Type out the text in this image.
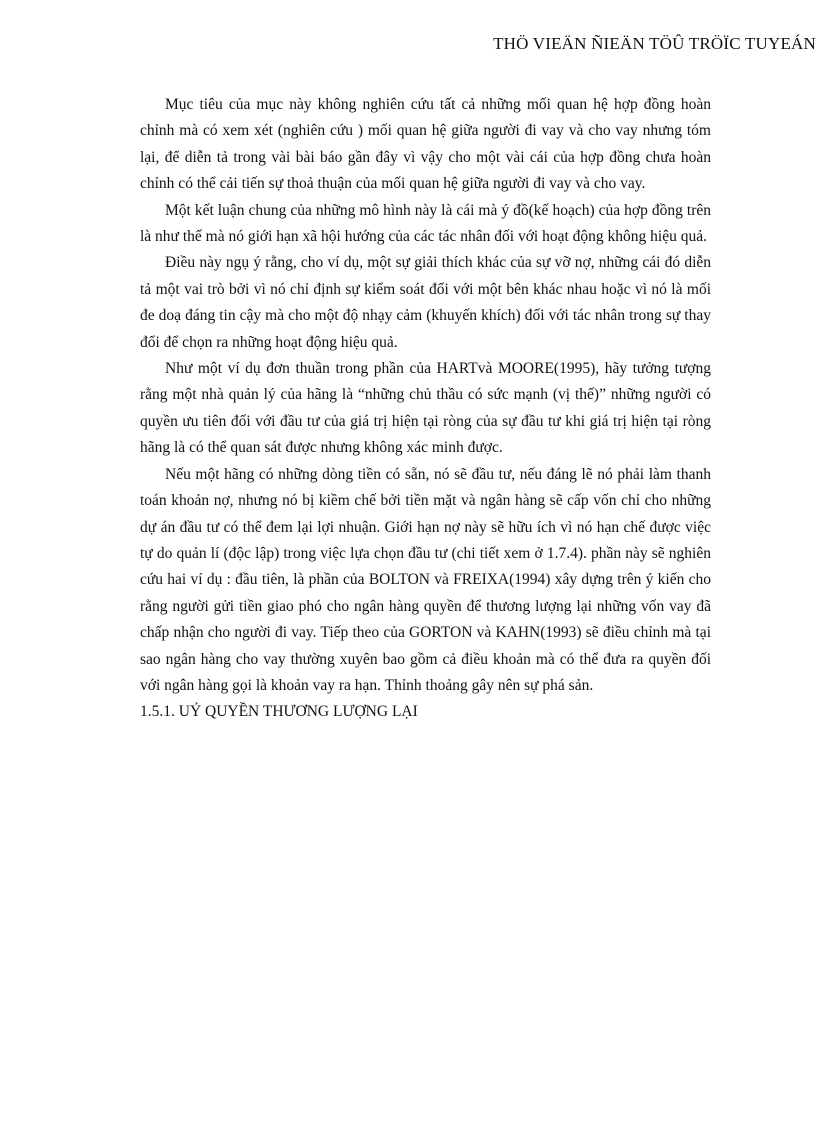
THÖ VIEÄN ÑIEÄN TÖÛ TRÖÏC TUYEÁN

Mục tiêu của mục này không nghiên cứu tất cả những mối quan hệ hợp đồng hoàn chỉnh mà có xem xét (nghiên cứu ) mối quan hệ giữa người đi vay và cho vay nhưng tóm lại, để diễn tả trong vài bài báo gần đây vì vậy cho một vài cái của hợp đồng chưa hoàn chỉnh có thể cải tiến sự thoả thuận của mối quan hệ giữa người đi vay và cho vay.

Một kết luận chung của những mô hình này là cái mà ý đồ(kế hoạch) của hợp đồng trên là như thế mà nó giới hạn xã hội hướng của các tác nhân đối với hoạt động không hiệu quả.

Điều này ngụ ý rằng, cho ví dụ, một sự giải thích khác của sự vỡ nợ, những cái đó diễn tả một vai trò bởi vì nó chỉ định sự kiểm soát đối với một bên khác nhau hoặc vì nó là mối đe doạ đáng tin cậy mà cho một độ nhạy cảm (khuyến khích) đối với tác nhân trong sự thay đổi để chọn ra những hoạt động hiệu quả.

Như một ví dụ đơn thuần trong phần của HARTvà MOORE(1995), hãy tưởng tượng rằng một nhà quản lý của hãng là “những chủ thầu có sức mạnh (vị thế)” những người có quyền ưu tiên đối với đầu tư của giá trị hiện tại ròng của sự đầu tư khi giá trị hiện tại ròng hãng là có thể quan sát được nhưng không xác minh được.

Nếu một hãng có những dòng tiền có sẵn, nó sẽ đầu tư, nếu đáng lẽ nó phải làm thanh toán khoản nợ, nhưng nó bị kiềm chế bởi tiền mặt và ngân hàng sẽ cấp vốn chỉ cho những dự án đầu tư có thể đem lại lợi nhuận. Giới hạn nợ này sẽ hữu ích vì nó hạn chế được việc tự do quản lí (độc lập) trong việc lựa chọn đầu tư (chi tiết xem ở 1.7.4). phần này sẽ nghiên cứu hai ví dụ : đầu tiên, là phần của BOLTON và FREIXA(1994) xây dựng trên ý kiến cho rằng người gửi tiền giao phó cho ngân hàng quyền để thương lượng lại những vốn vay đã chấp nhận cho người đi vay. Tiếp theo của GORTON và KAHN(1993) sẽ điều chỉnh mà tại sao ngân hàng cho vay thường xuyên bao gồm cả điều khoản mà có thể đưa ra quyền đối với ngân hàng gọi là khoản vay ra hạn. Thỉnh thoảng gây nên sự phá sản.

1.5.1. UỶ QUYỀN THƯƠNG LƯỢNG LẠI
